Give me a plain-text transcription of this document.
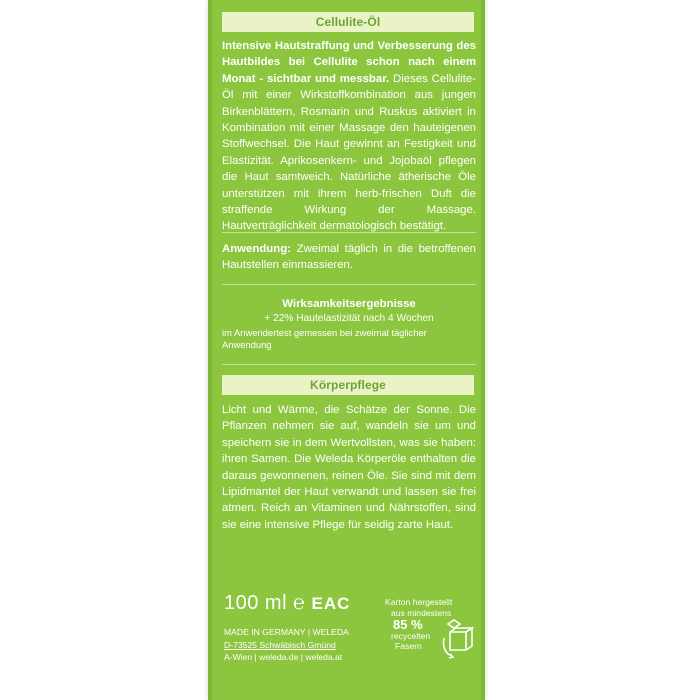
Cellulite-Öl
Intensive Hautstraffung und Verbesserung des Hautbildes bei Cellulite schon nach einem Monat - sichtbar und messbar. Dieses Cellulite-Öl mit einer Wirkstoffkombination aus jungen Birkenblättern, Rosmarin und Ruskus aktiviert in Kombination mit einer Massage den hauteigenen Stoffwechsel. Die Haut gewinnt an Festigkeit und Elastizität. Aprikosenkern- und Jojobaöl pflegen die Haut samtweich. Natürliche ätherische Öle unterstützen mit ihrem herb-frischen Duft die straffende Wirkung der Massage. Hautverträglichkeit dermatologisch bestätigt.
Anwendung: Zweimal täglich in die betroffenen Hautstellen einmassieren.
Wirksamkeitsergebnisse
+ 22% Hautelastizität nach 4 Wochen
im Anwendertest gemessen bei zweimal täglicher Anwendung
Körperpflege
Licht und Wärme, die Schätze der Sonne. Die Pflanzen nehmen sie auf, wandeln sie um und speichern sie in dem Wertvollsten, was sie haben: ihren Samen. Die Weleda Körperöle enthalten die daraus gewonnenen, reinen Öle. Sie sind mit dem Lipidmantel der Haut verwandt und lassen sie frei atmen. Reich an Vitaminen und Nährstoffen, sind sie eine intensive Pflege für seidig zarte Haut.
100 ml ℮ EAC
MADE IN GERMANY | WELEDA
D-73525 Schwäbisch Gmünd
A-Wien | weleda.de | weleda.at
Karton hergestellt
aus mindestens
85 %
recycelten
Fasern
